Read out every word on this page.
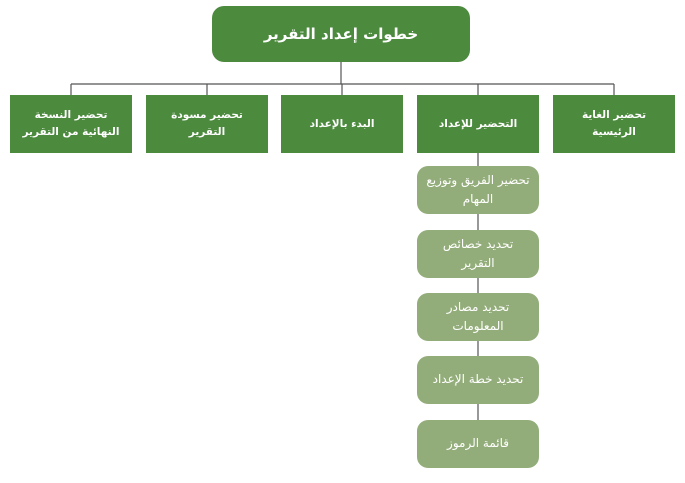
خطوات إعداد التقرير
تحضير الغاية الرئيسية
التحضير للإعداد
البدء بالإعداد
تحضير مسودة التقرير
تحضير النسخة النهائية من التقرير
تحضير الفريق وتوزيع المهام
تحديد خصائص التقرير
تحديد مصادر المعلومات
تحديد خطة الإعداد
قائمة الرموز
